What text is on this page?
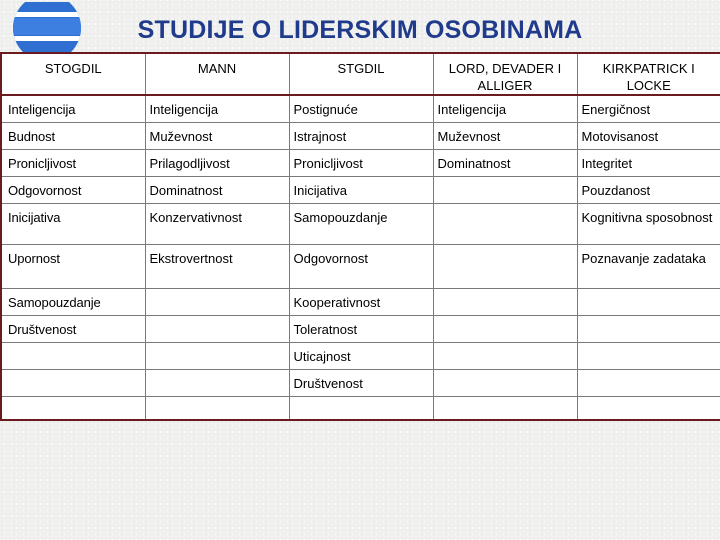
STUDIJE O LIDERSKIM OSOBINAMA
STOGDIL	MANN	STGDIL	LORD, DEVADER I ALLIGER	KIRKPATRICK I LOCKE
Inteligencija	Inteligencija	Postignuće	Inteligencija	Energičnost
Budnost	Muževnost	Istrajnost	Muževnost	Motovisanost
Pronicljivost	Prilagodljivost	Pronicljivost	Dominatnost	Integritet
Odgovornost	Dominatnost	Inicijativa		Pouzdanost
Inicijativa	Konzervativnost	Samopouzdanje		Kognitivna sposobnost
Upornost	Ekstrovertnost	Odgovornost		Poznavanje zadataka
Samopouzdanje		Kooperativnost		
Društvenost		Toleratnost		
		Uticajnost		
		Društvenost		
